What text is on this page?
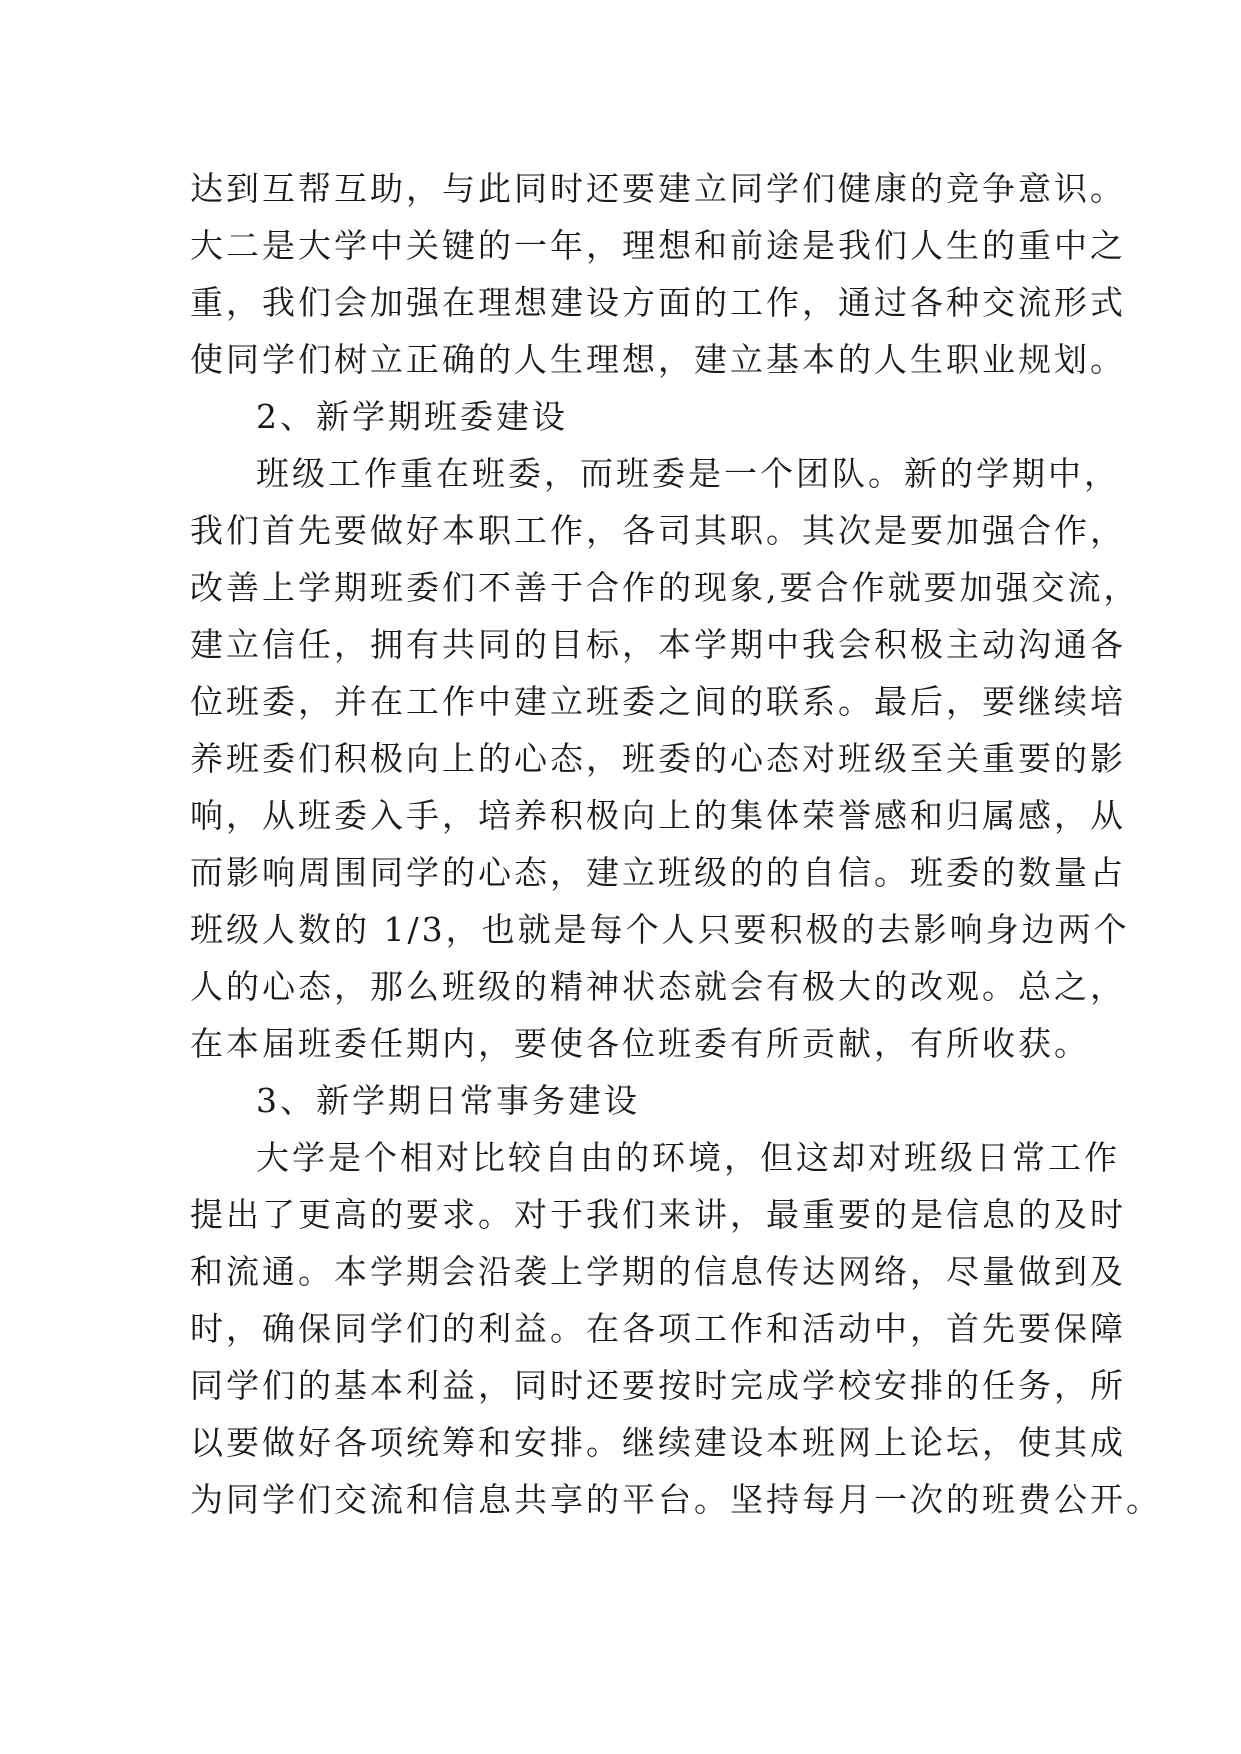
达到互帮互助，与此同时还要建立同学们健康的竞争意识。
大二是大学中关键的一年，理想和前途是我们人生的重中之
重，我们会加强在理想建设方面的工作，通过各种交流形式
使同学们树立正确的人生理想，建立基本的人生职业规划。
2、新学期班委建设
班级工作重在班委，而班委是一个团队。新的学期中，
我们首先要做好本职工作，各司其职。其次是要加强合作，
改善上学期班委们不善于合作的现象,要合作就要加强交流，
建立信任，拥有共同的目标，本学期中我会积极主动沟通各
位班委，并在工作中建立班委之间的联系。最后，要继续培
养班委们积极向上的心态，班委的心态对班级至关重要的影
响，从班委入手，培养积极向上的集体荣誉感和归属感，从
而影响周围同学的心态，建立班级的的自信。班委的数量占
班级人数的 1/3，也就是每个人只要积极的去影响身边两个
人的心态，那么班级的精神状态就会有极大的改观。总之，
在本届班委任期内，要使各位班委有所贡献，有所收获。
3、新学期日常事务建设
大学是个相对比较自由的环境，但这却对班级日常工作
提出了更高的要求。对于我们来讲，最重要的是信息的及时
和流通。本学期会沿袭上学期的信息传达网络，尽量做到及
时，确保同学们的利益。在各项工作和活动中，首先要保障
同学们的基本利益，同时还要按时完成学校安排的任务，所
以要做好各项统筹和安排。继续建设本班网上论坛，使其成
为同学们交流和信息共享的平台。坚持每月一次的班费公开。
